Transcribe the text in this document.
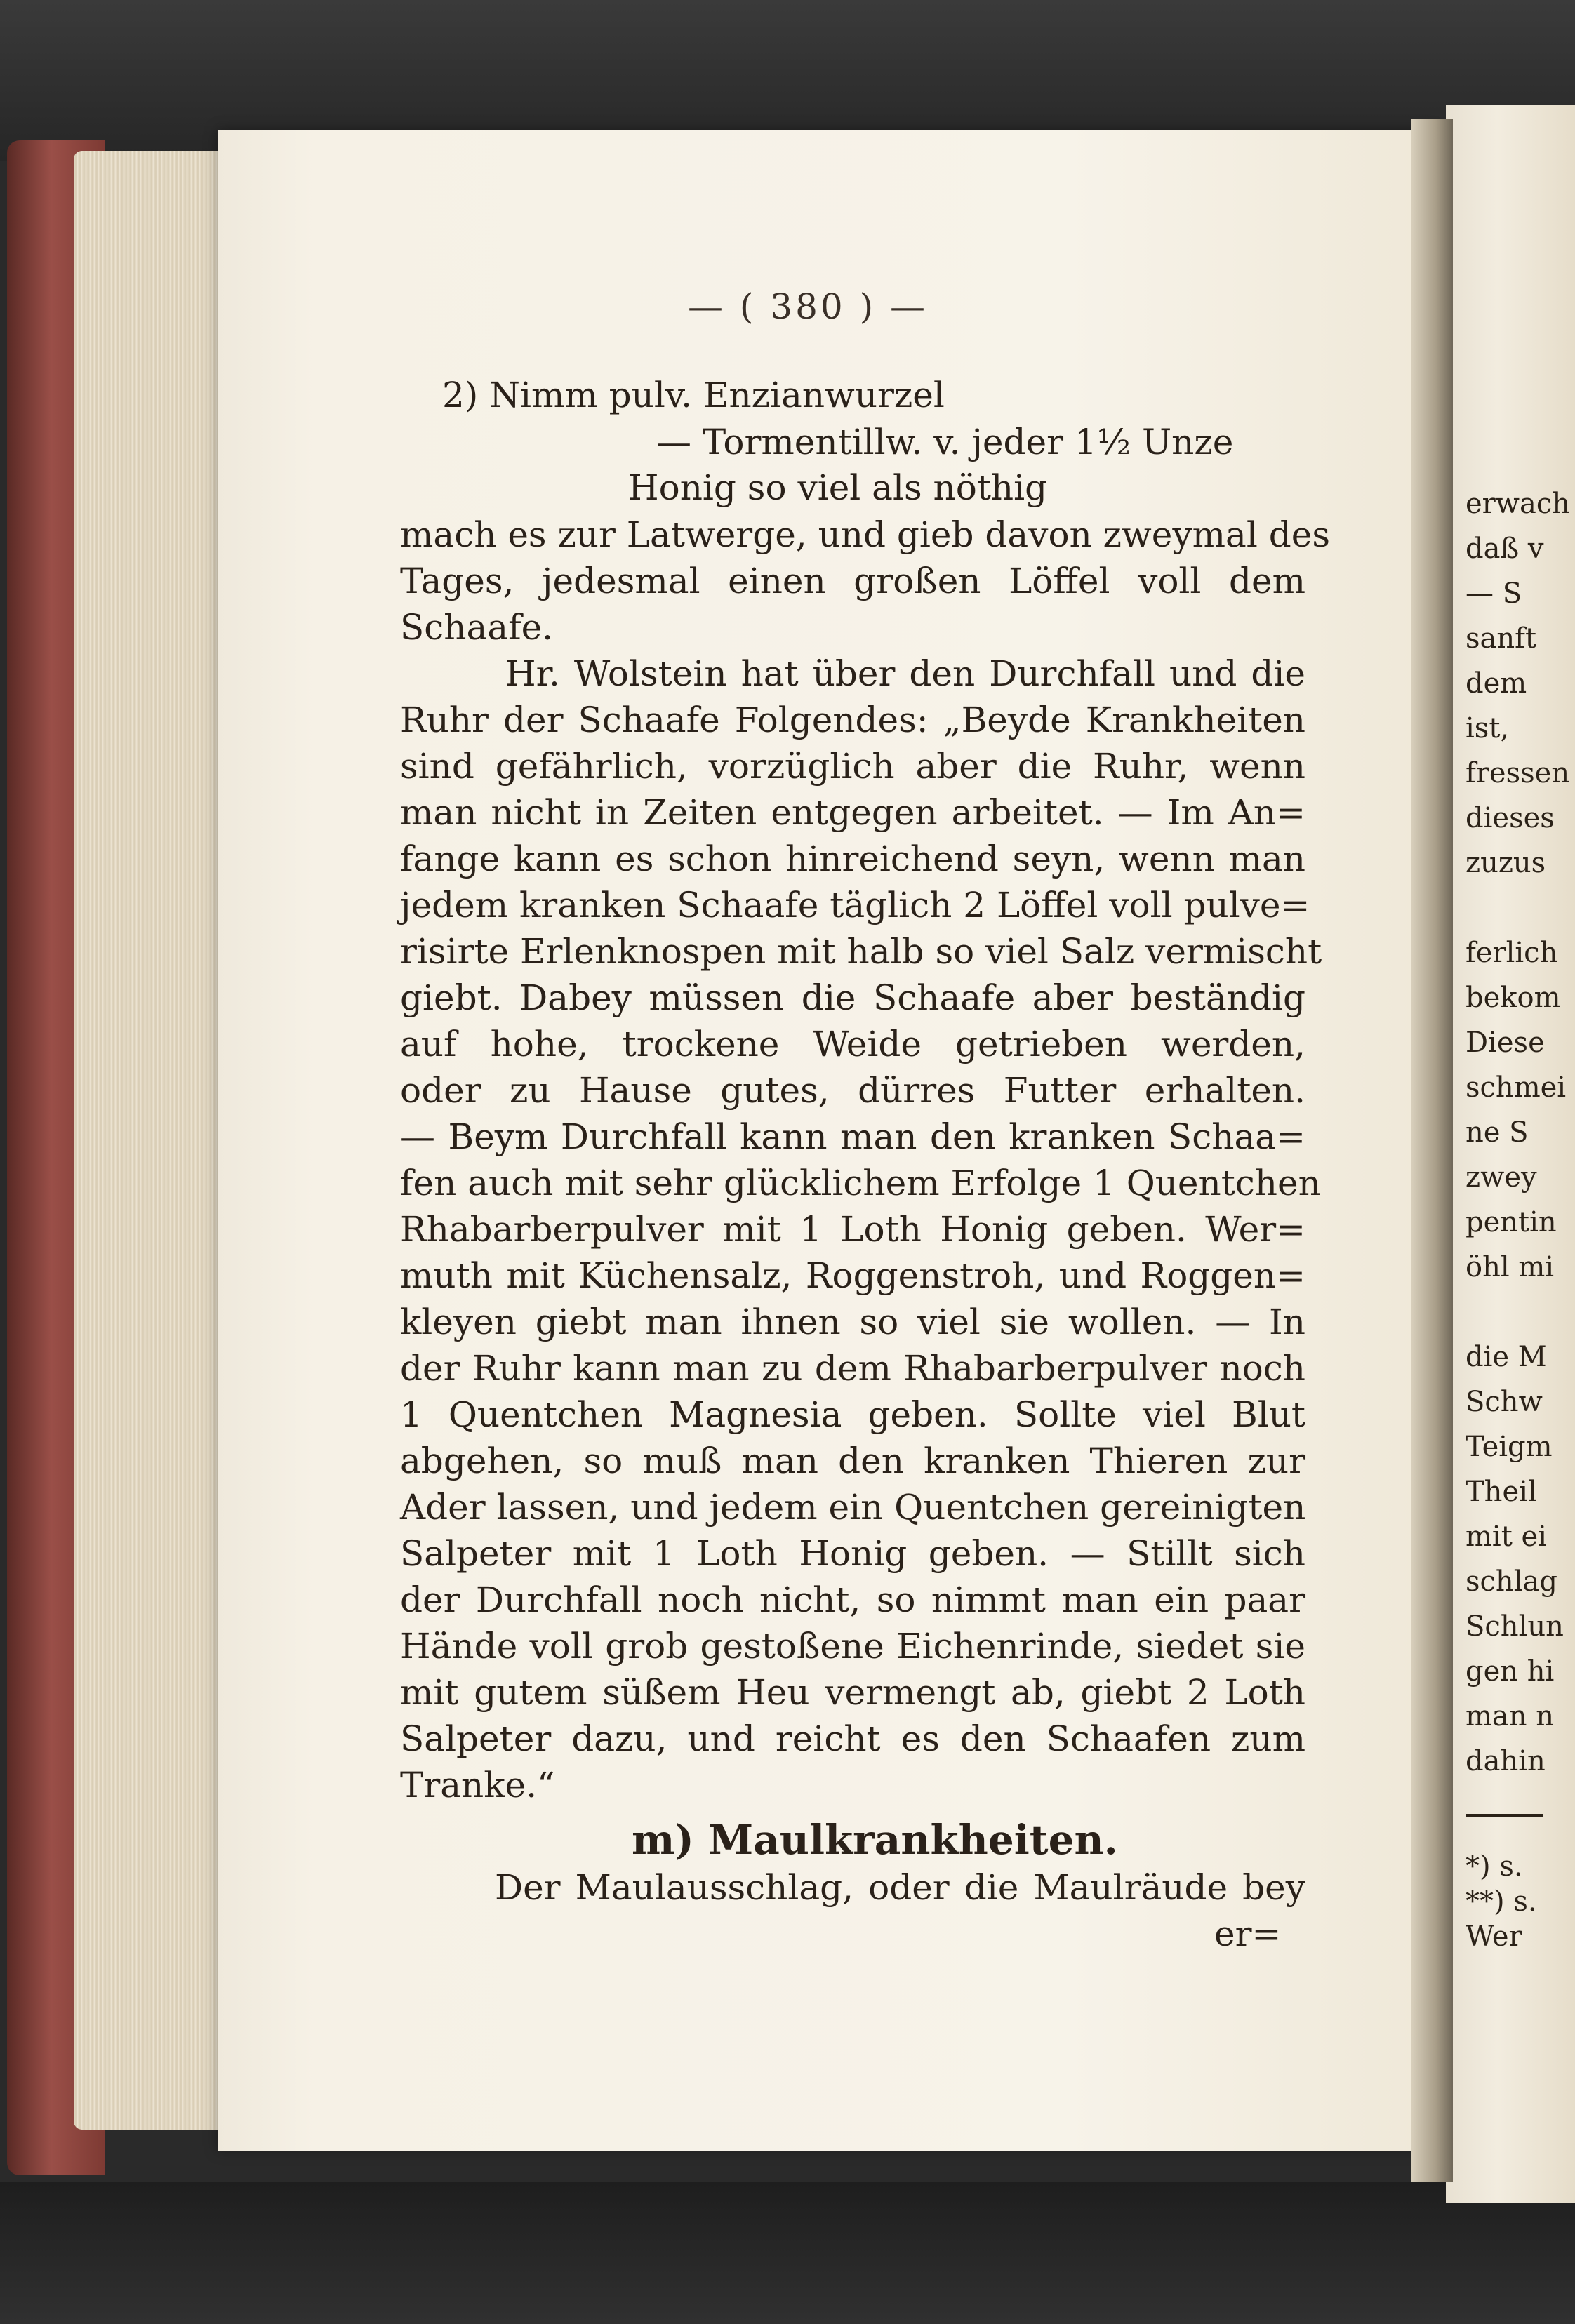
erwach
daß v
— S
sanft
dem
ist,
fressen
dieses
zuzus
ferlich
bekom
Diese
schmei
ne S
zwey
pentin
öhl mi
die M
Schw
Teigm
Theil
mit ei
schlag
Schlun
gen hi
man n
dahin
*) s.
**) s.
Wer
— ( 380 ) —
2) Nimm pulv. Enzianwurzel
— Tormentillw. v. jeder 1½ Unze
Honig so viel als nöthig
mach es zur Latwerge, und gieb davon zweymal des
Tages, jedesmal einen großen Löffel voll dem
Schaafe.
Hr. Wolstein hat über den Durchfall und die
Ruhr der Schaafe Folgendes: „Beyde Krankheiten
sind gefährlich, vorzüglich aber die Ruhr, wenn
man nicht in Zeiten entgegen arbeitet. — Im An=
fange kann es schon hinreichend seyn, wenn man
jedem kranken Schaafe täglich 2 Löffel voll pulve=
risirte Erlenknospen mit halb so viel Salz vermischt
giebt. Dabey müssen die Schaafe aber beständig
auf hohe, trockene Weide getrieben werden,
oder zu Hause gutes, dürres Futter erhalten.
— Beym Durchfall kann man den kranken Schaa=
fen auch mit sehr glücklichem Erfolge 1 Quentchen
Rhabarberpulver mit 1 Loth Honig geben. Wer=
muth mit Küchensalz, Roggenstroh, und Roggen=
kleyen giebt man ihnen so viel sie wollen. — In
der Ruhr kann man zu dem Rhabarberpulver noch
1 Quentchen Magnesia geben. Sollte viel Blut
abgehen, so muß man den kranken Thieren zur
Ader lassen, und jedem ein Quentchen gereinigten
Salpeter mit 1 Loth Honig geben. — Stillt sich
der Durchfall noch nicht, so nimmt man ein paar
Hände voll grob gestoßene Eichenrinde, siedet sie
mit gutem süßem Heu vermengt ab, giebt 2 Loth
Salpeter dazu, und reicht es den Schaafen zum
Tranke.“
m) Maulkrankheiten.
Der Maulausschlag, oder die Maulräude bey
er=
